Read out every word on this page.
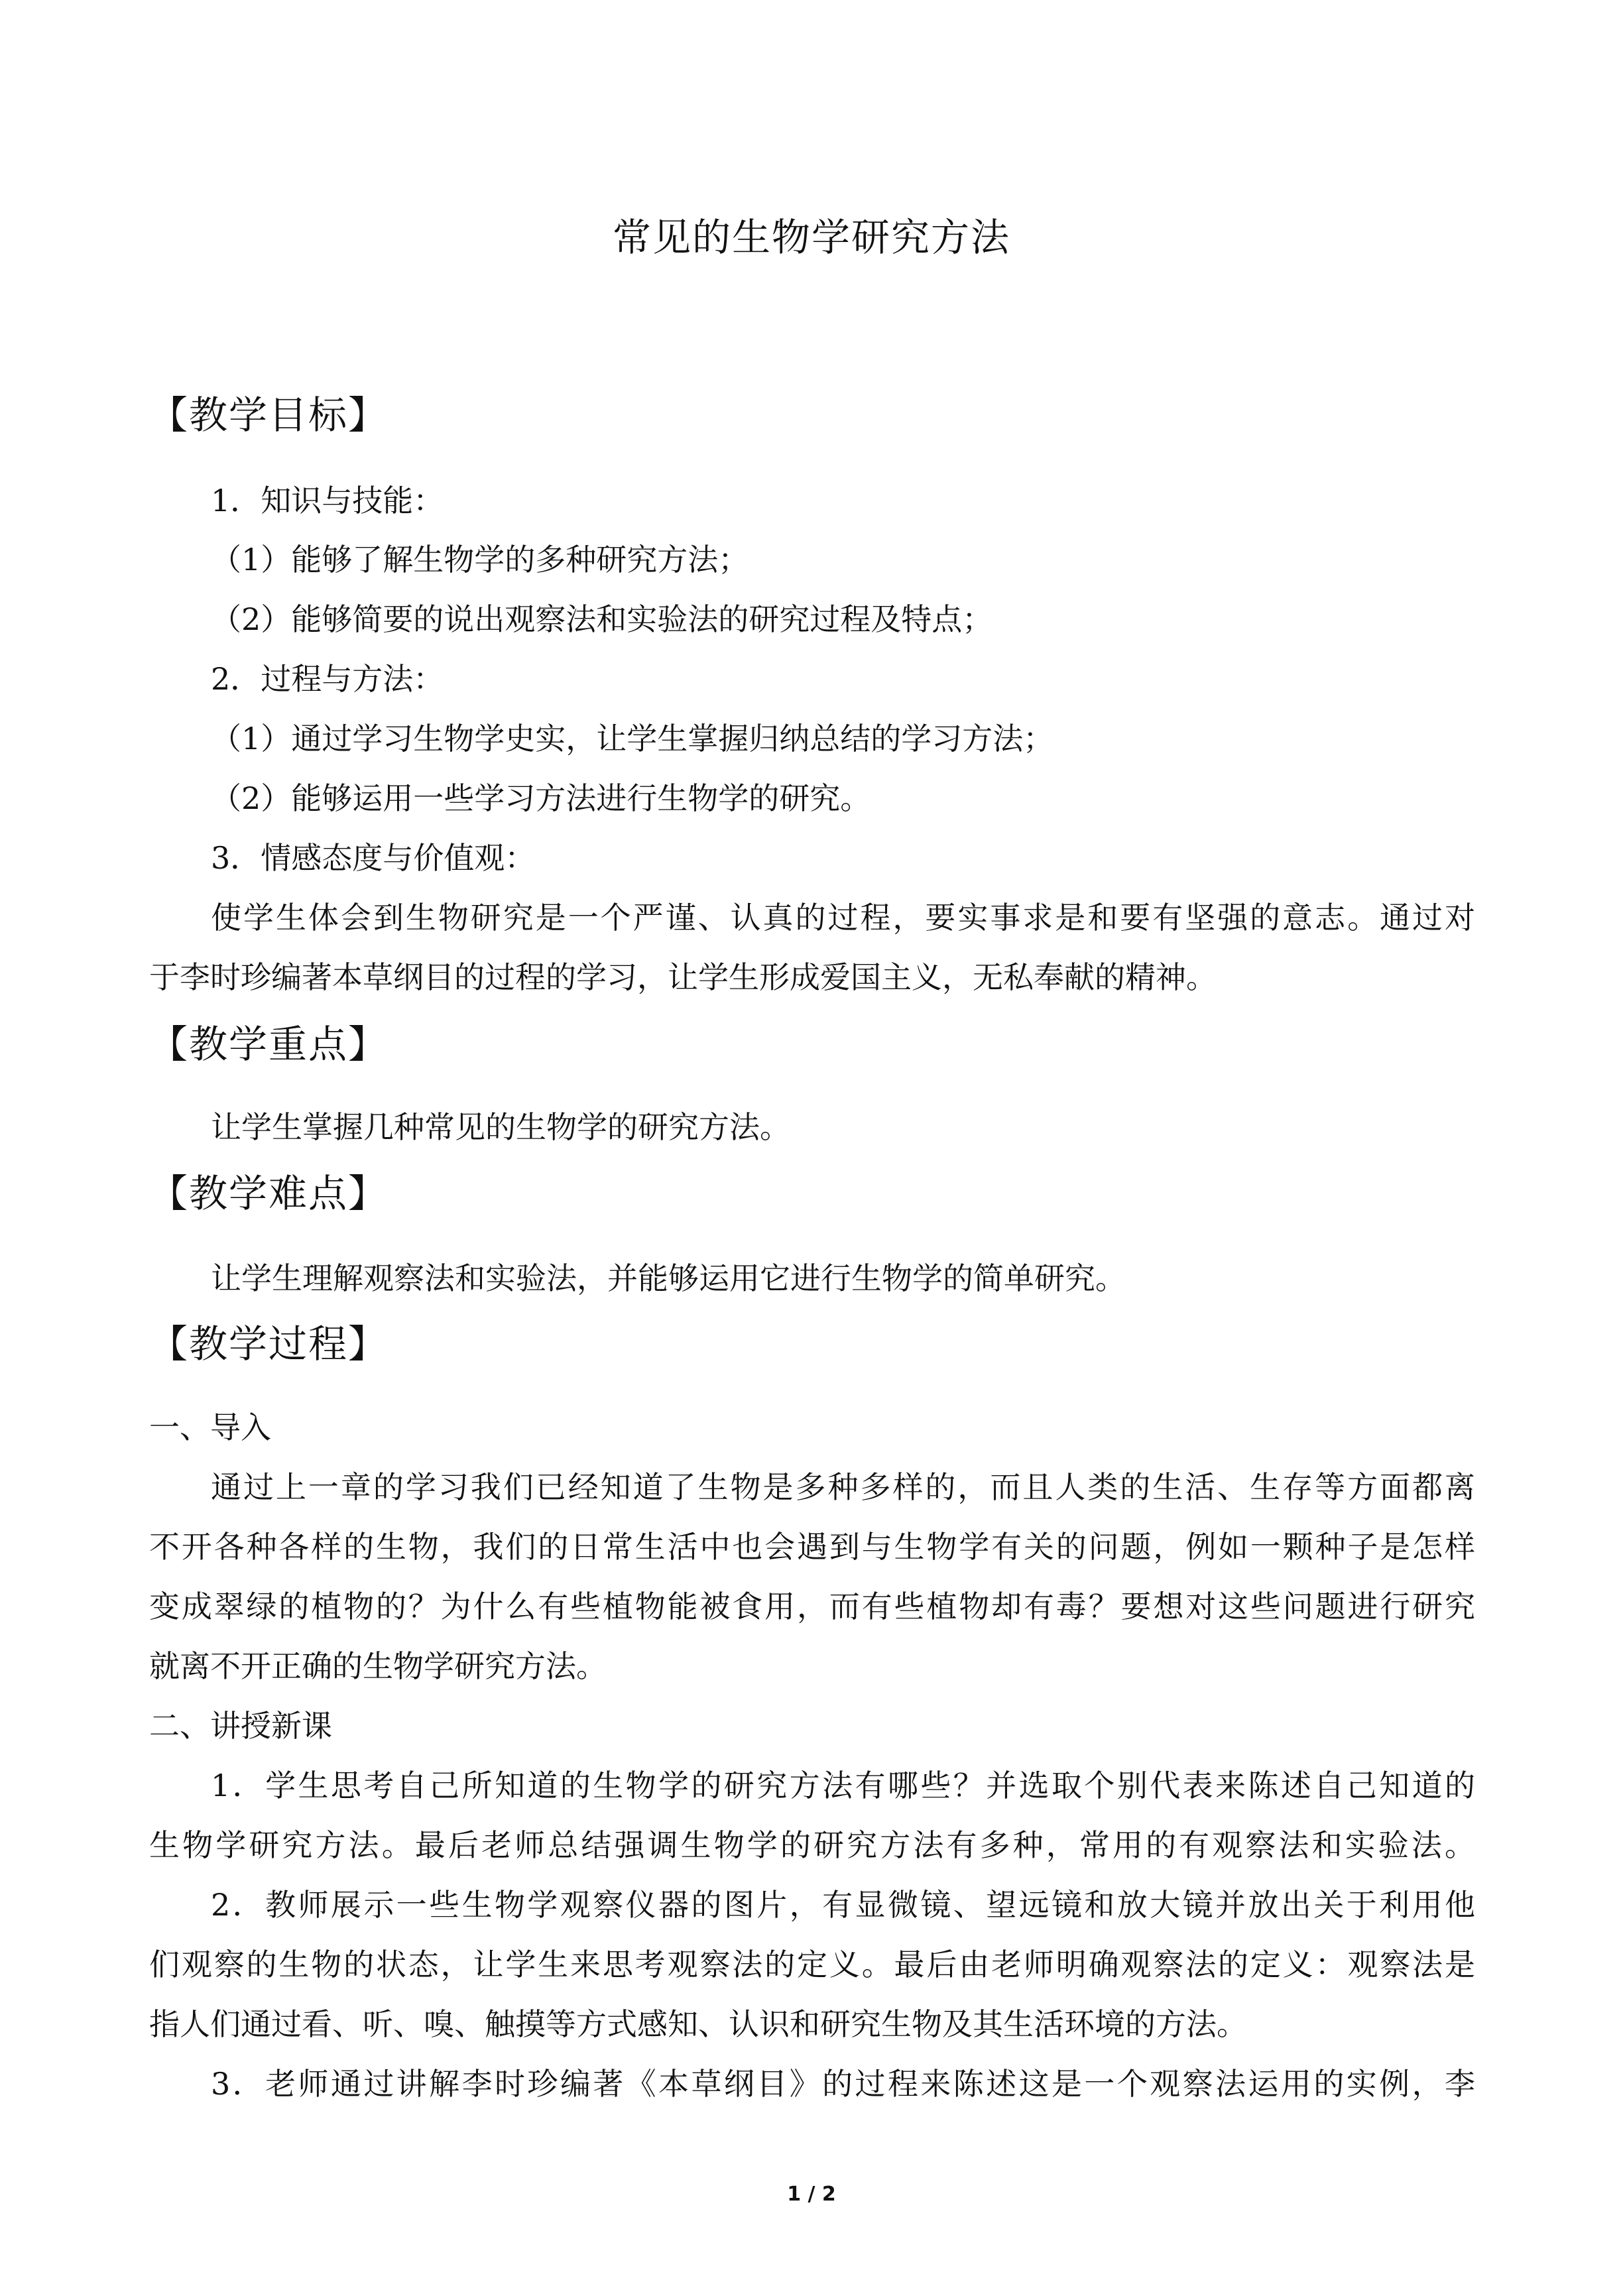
常见的生物学研究方法
【教学目标】
1．知识与技能：
（1）能够了解生物学的多种研究方法；
（2）能够简要的说出观察法和实验法的研究过程及特点；
2．过程与方法：
（1）通过学习生物学史实，让学生掌握归纳总结的学习方法；
（2）能够运用一些学习方法进行生物学的研究。
3．情感态度与价值观：
使学生体会到生物研究是一个严谨、认真的过程，要实事求是和要有坚强的意志。通过对
于李时珍编著本草纲目的过程的学习，让学生形成爱国主义，无私奉献的精神。
【教学重点】
让学生掌握几种常见的生物学的研究方法。
【教学难点】
让学生理解观察法和实验法，并能够运用它进行生物学的简单研究。
【教学过程】
一、导入
通过上一章的学习我们已经知道了生物是多种多样的，而且人类的生活、生存等方面都离
不开各种各样的生物，我们的日常生活中也会遇到与生物学有关的问题，例如一颗种子是怎样
变成翠绿的植物的？为什么有些植物能被食用，而有些植物却有毒？要想对这些问题进行研究
就离不开正确的生物学研究方法。
二、讲授新课
1．学生思考自己所知道的生物学的研究方法有哪些？并选取个别代表来陈述自己知道的
生物学研究方法。最后老师总结强调生物学的研究方法有多种，常用的有观察法和实验法。
2．教师展示一些生物学观察仪器的图片，有显微镜、望远镜和放大镜并放出关于利用他
们观察的生物的状态，让学生来思考观察法的定义。最后由老师明确观察法的定义：观察法是
指人们通过看、听、嗅、触摸等方式感知、认识和研究生物及其生活环境的方法。
3．老师通过讲解李时珍编著《本草纲目》的过程来陈述这是一个观察法运用的实例，李
1 / 2
